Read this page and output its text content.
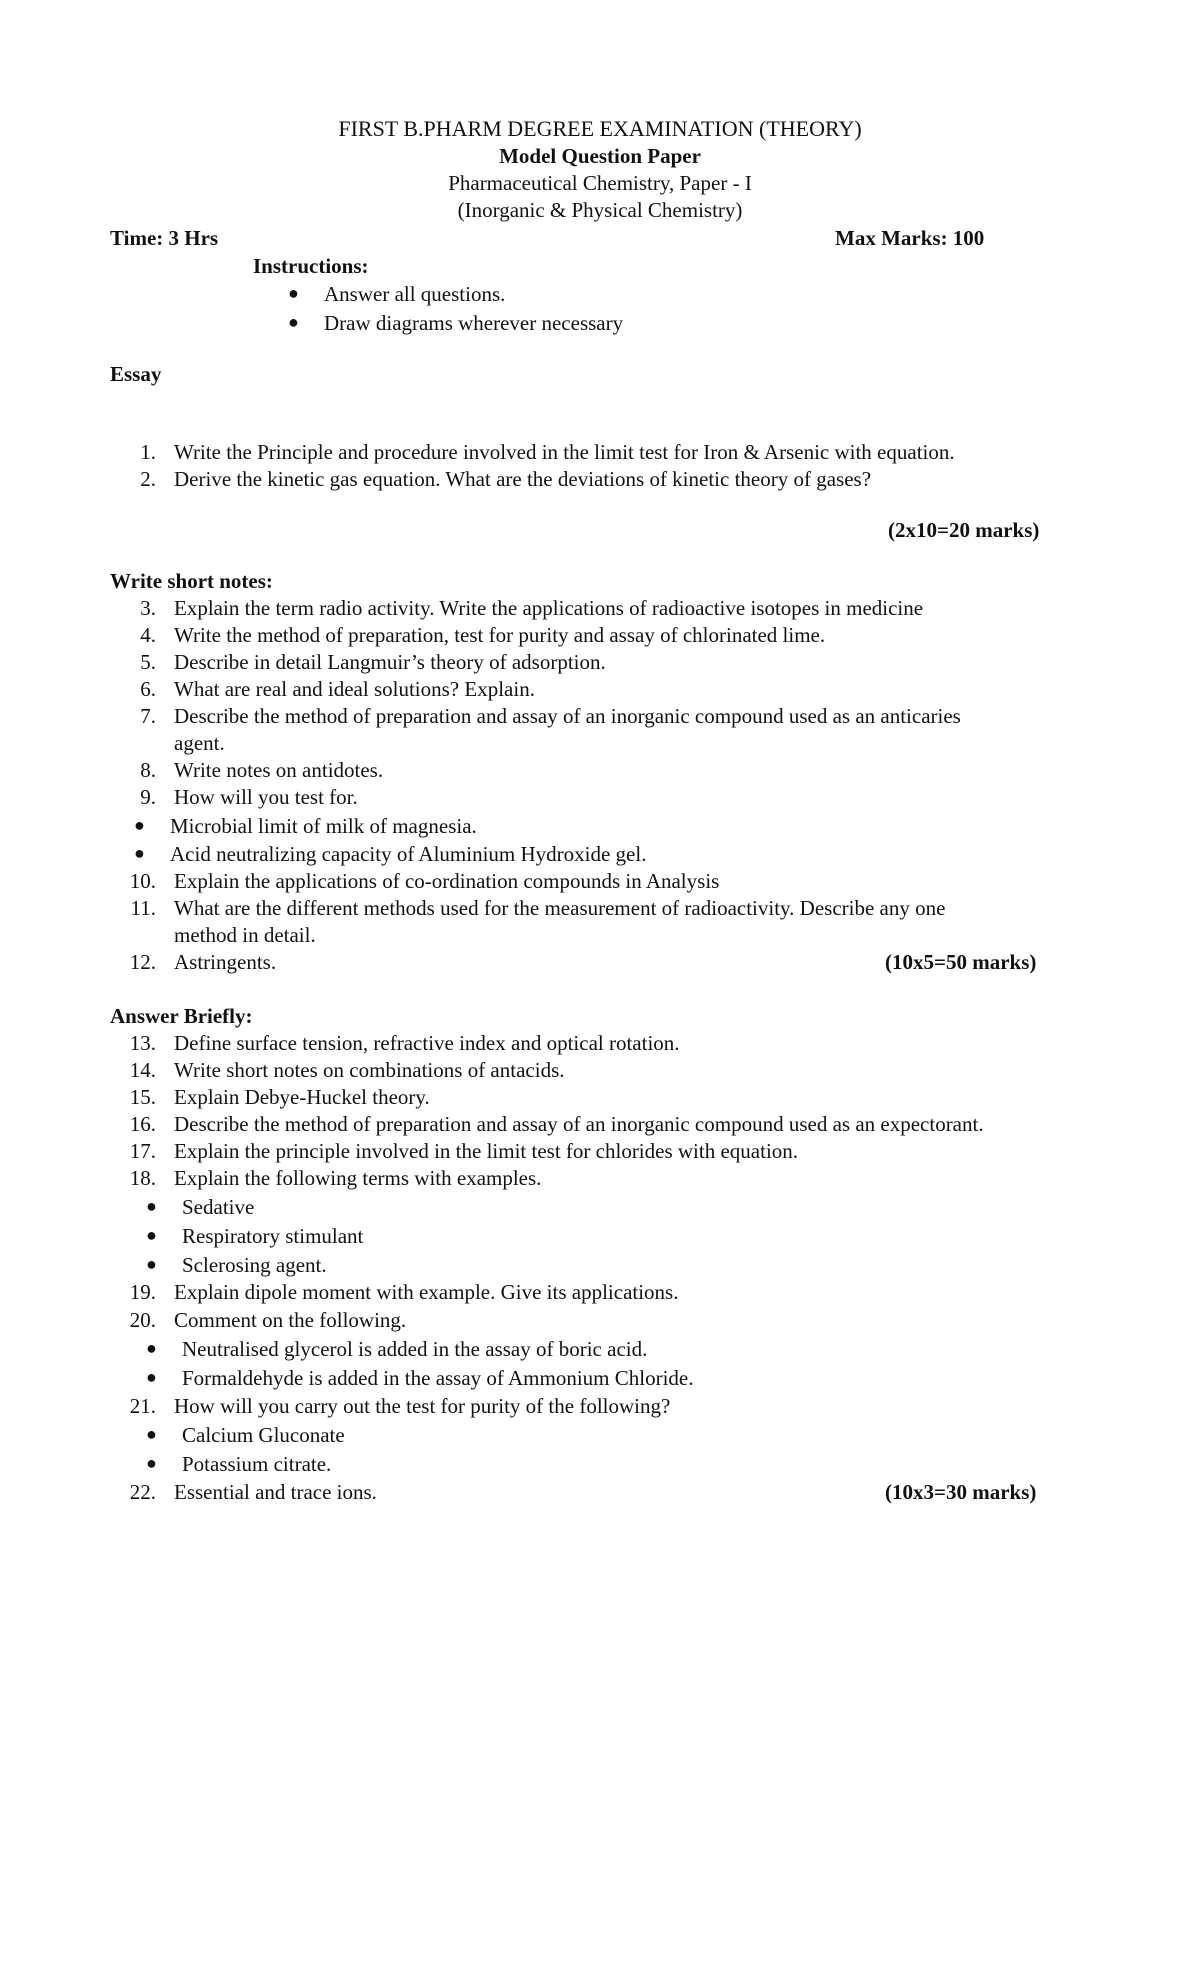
FIRST B.PHARM DEGREE EXAMINATION (THEORY)
Model Question Paper
Pharmaceutical Chemistry, Paper - I
(Inorganic & Physical Chemistry)
Time: 3 Hrs	Max Marks: 100
Instructions:
● Answer all questions.
● Draw diagrams wherever necessary
Essay
1. Write the Principle and procedure involved in the limit test for Iron & Arsenic with equation.
2. Derive the kinetic gas equation. What are the deviations of kinetic theory of gases?
(2x10=20 marks)
Write short notes:
3. Explain the term radio activity. Write the applications of radioactive isotopes in medicine
4. Write the method of preparation, test for purity and assay of chlorinated lime.
5. Describe in detail Langmuir’s theory of adsorption.
6. What are real and ideal solutions? Explain.
7. Describe the method of preparation and assay of an inorganic compound used as an anticaries
agent.
8. Write notes on antidotes.
9. How will you test for.
● Microbial limit of milk of magnesia.
● Acid neutralizing capacity of Aluminium Hydroxide gel.
10. Explain the applications of co-ordination compounds in Analysis
11. What are the different methods used for the measurement of radioactivity. Describe any one
method in detail.
12. Astringents.	(10x5=50 marks)
Answer Briefly:
13. Define surface tension, refractive index and optical rotation.
14. Write short notes on combinations of antacids.
15. Explain Debye-Huckel theory.
16. Describe the method of preparation and assay of an inorganic compound used as an expectorant.
17. Explain the principle involved in the limit test for chlorides with equation.
18. Explain the following terms with examples.
● Sedative
● Respiratory stimulant
● Sclerosing agent.
19. Explain dipole moment with example. Give its applications.
20. Comment on the following.
● Neutralised glycerol is added in the assay of boric acid.
● Formaldehyde is added in the assay of Ammonium Chloride.
21. How will you carry out the test for purity of the following?
● Calcium Gluconate
● Potassium citrate.
22. Essential and trace ions.	(10x3=30 marks)
